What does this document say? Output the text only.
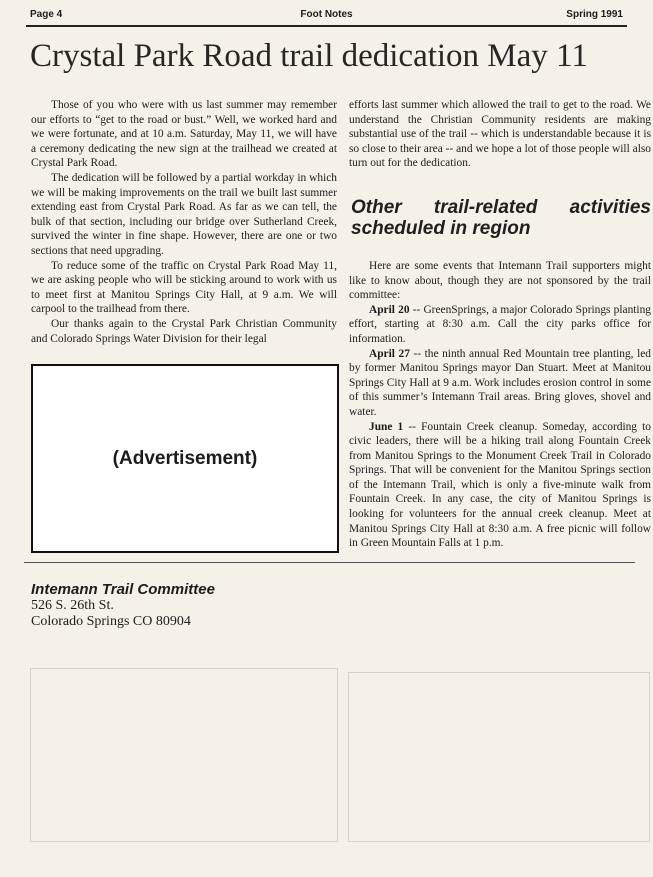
Page 4	Foot Notes	Spring 1991
Crystal Park Road trail dedication May 11

Those of you who were with us last summer may remember our efforts to “get to the road or bust.” Well, we worked hard and we were fortunate, and at 10 a.m. Saturday, May 11, we will have a ceremony dedicating the new sign at the trailhead we created at Crystal Park Road.

The dedication will be followed by a partial workday in which we will be making improvements on the trail we built last summer extending east from Crystal Park Road. As far as we can tell, the bulk of that section, including our bridge over Sutherland Creek, survived the winter in fine shape. However, there are one or two sections that need upgrading.

To reduce some of the traffic on Crystal Park Road May 11, we are asking people who will be sticking around to work with us to meet first at Manitou Springs City Hall, at 9 a.m. We will carpool to the trailhead from there.

Our thanks again to the Crystal Park Christian Community and Colorado Springs Water Division for their legal

efforts last summer which allowed the trail to get to the road. We understand the Christian Community residents are making substantial use of the trail -- which is understandable because it is so close to their area -- and we hope a lot of those people will also turn out for the dedication.

Other trail-related activities scheduled in region

Here are some events that Intemann Trail supporters might like to know about, though they are not sponsored by the trail committee:

April 20 -- GreenSprings, a major Colorado Springs planting effort, starting at 8:30 a.m. Call the city parks office for information.

April 27 -- the ninth annual Red Mountain tree planting, led by former Manitou Springs mayor Dan Stuart. Meet at Manitou Springs City Hall at 9 a.m. Work includes erosion control in some of this summer’s Intemann Trail areas. Bring gloves, shovel and water.

June 1 -- Fountain Creek cleanup. Someday, according to civic leaders, there will be a hiking trail along Fountain Creek from Manitou Springs to the Monument Creek Trail in Colorado Springs. That will be convenient for the Manitou Springs section of the Intemann Trail, which is only a five-minute walk from Fountain Creek. In any case, the city of Manitou Springs is looking for volunteers for the annual creek cleanup. Meet at Manitou Springs City Hall at 8:30 a.m. A free picnic will follow in Green Mountain Falls at 1 p.m.

(Advertisement)
Intemann Trail Committee
526 S. 26th St.
Colorado Springs CO 80904
